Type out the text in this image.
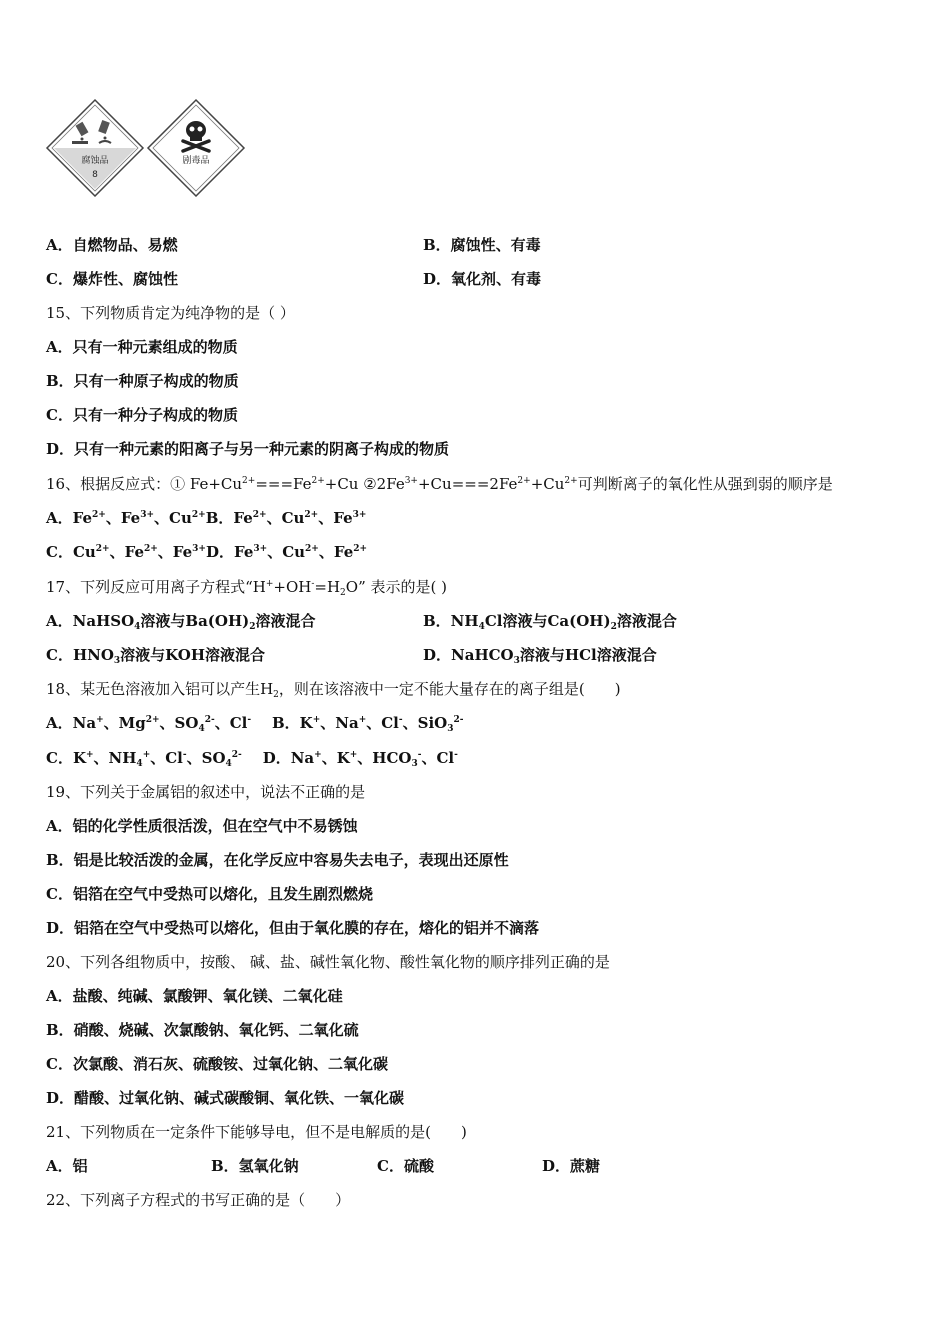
腐蚀品
8
剧毒品
A．自燃物品、易燃	B．腐蚀性、有毒
C．爆炸性、腐蚀性	D．氧化剂、有毒
15、下列物质肯定为纯净物的是（ ）
A．只有一种元素组成的物质
B．只有一种原子构成的物质
C．只有一种分子构成的物质
D．只有一种元素的阳离子与另一种元素的阴离子构成的物质
16、根据反应式：① $Fe+Cu^{2+}===Fe^{2+}+Cu$ $②2Fe^{3+}+Cu===2Fe^{2+}+Cu^{2+}$可判断离子的氧化性从强到弱的顺序是
A．$Fe^{2+}$、$Fe^{3+}$、$Cu^{2+}B$．$Fe^{2+}$、$Cu^{2+}$、$Fe^{3+}$
C．$Cu^{2+}$、$Fe^{2+}$、$Fe^{3+}D$．$Fe^{3+}$、$Cu^{2+}$、$Fe^{2+}$
17、下列反应可用离子方程式“$H^++OH^-=H_2O$” 表示的是( )
A．NaHSO$_4$溶液与$Ba(OH)_2$溶液混合	B．$NH_4Cl$溶液与$Ca(OH)_2$溶液混合
C．$HNO_3$溶液与KOH溶液混合	D．NaHCO$_3$溶液与HCl溶液混合
18、某无色溶液加入铝可以产生$H_2$，则在该溶液中一定不能大量存在的离子组是(　　)
A．Na+、$Mg^{2+}$、$SO_4^{2-}$、Cl- B．K+、Na+、Cl-、SiO$_3^{2-}$
C．K+、$NH_4^+$、Cl-、$SO_4^{2-}$ D．Na+、K+、$HCO_3^-$、Cl-
19、下列关于金属铝的叙述中，说法不正确的是
A．铝的化学性质很活泼，但在空气中不易锈蚀
B．铝是比较活泼的金属，在化学反应中容易失去电子，表现出还原性
C．铝箔在空气中受热可以熔化，且发生剧烈燃烧
D．铝箔在空气中受热可以熔化，但由于氧化膜的存在，熔化的铝并不滴落
20、下列各组物质中，按酸、 碱、盐、碱性氧化物、酸性氧化物的顺序排列正确的是
A．盐酸、纯碱、氯酸钾、氧化镁、二氧化硅
B．硝酸、烧碱、次氯酸钠、氧化钙、二氧化硫
C．次氯酸、消石灰、硫酸铵、过氧化钠、二氧化碳
D．醋酸、过氧化钠、碱式碳酸铜、氧化铁、一氧化碳
21、下列物质在一定条件下能够导电，但不是电解质的是(　　)
A．铝	B．氢氧化钠	C．硫酸	D．蔗糖
22、下列离子方程式的书写正确的是（　　）
